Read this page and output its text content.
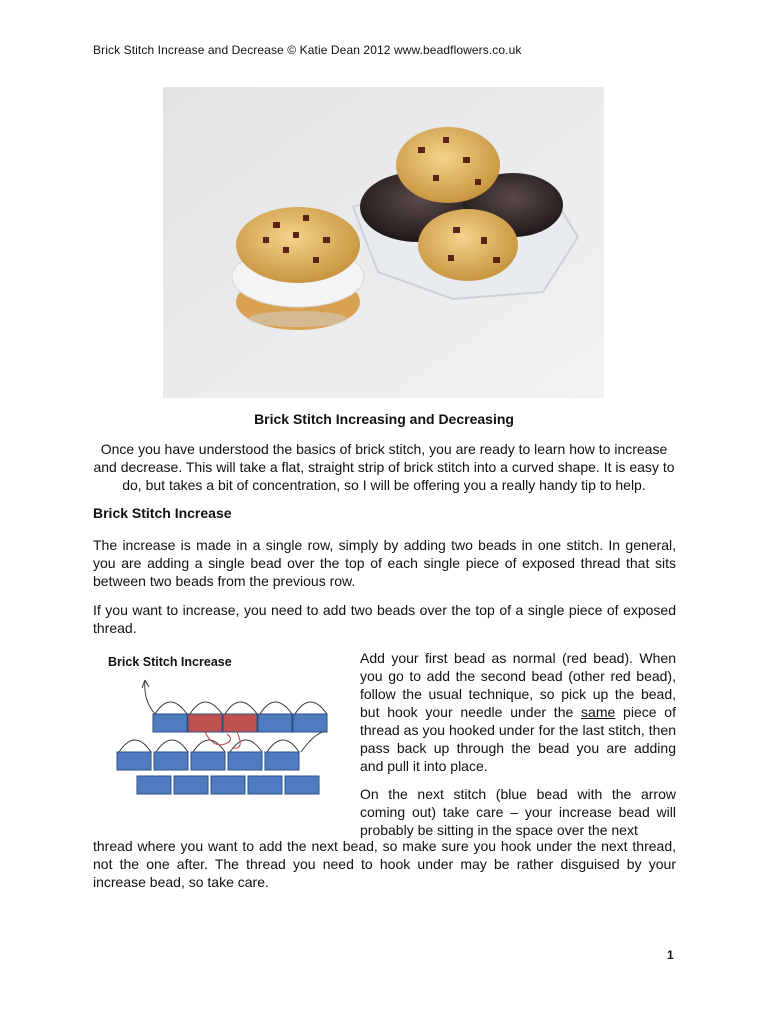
Brick Stitch Increase and Decrease © Katie Dean 2012 www.beadflowers.co.uk
Brick Stitch Increasing and Decreasing
Once you have understood the basics of brick stitch, you are ready to learn how to increase and decrease. This will take a flat, straight strip of brick stitch into a curved shape. It is easy to do, but takes a bit of concentration, so I will be offering you a really handy tip to help.
Brick Stitch Increase
The increase is made in a single row, simply by adding two beads in one stitch. In general, you are adding a single bead over the top of each single piece of exposed thread that sits between two beads from the previous row.
If you want to increase, you need to add two beads over the top of a single piece of exposed thread.
Brick Stitch Increase	Add your first bead as normal (red bead). When you go to add the second bead (other red bead), follow the usual technique, so pick up the bead, but hook your needle under the same piece of thread as you hooked under for the last stitch, then pass back up through the bead you are adding and pull it into place.
On the next stitch (blue bead with the arrow coming out) take care – your increase bead will probably be sitting in the space over the next
thread where you want to add the next bead, so make sure you hook under the next thread, not the one after. The thread you need to hook under may be rather disguised by your increase bead, so take care.
1
